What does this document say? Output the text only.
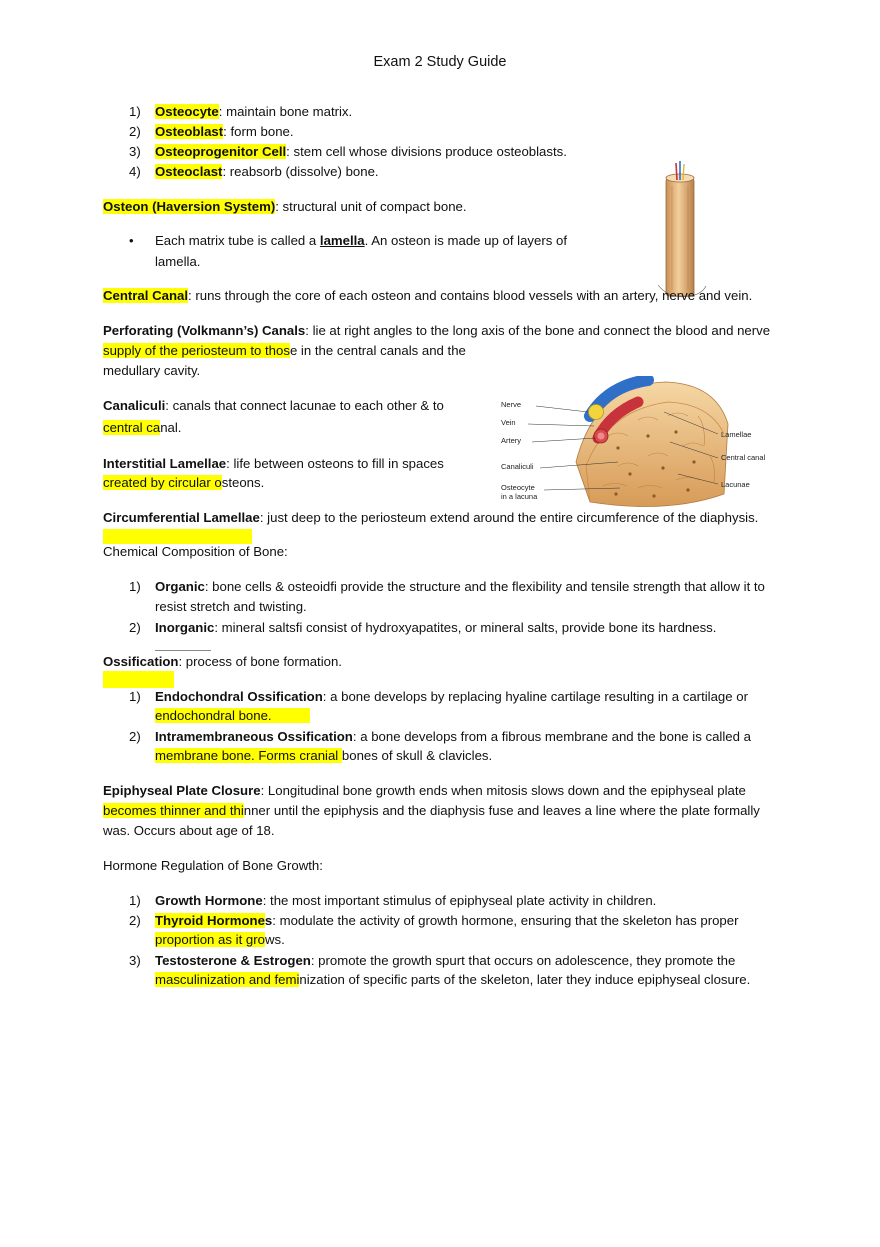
Exam 2 Study Guide
1) Osteocyte: maintain bone matrix.
2) Osteoblast: form bone.
3) Osteoprogenitor Cell: stem cell whose divisions produce osteoblasts.
4) Osteoclast: reabsorb (dissolve) bone.
Osteon (Haversion System): structural unit of compact bone.
• Each matrix tube is called a lamella. An osteon is made up of layers of
lamella.
Central Canal: runs through the core of each osteon and contains blood vessels with an artery, nerve and vein.
Perforating (Volkmann’s) Canals: lie at right angles to the long axis of the bone and connect the blood and nerve
supply of the periosteum to those in the central canals and the
medullary cavity.
Canaliculi: canals that connect lacunae to each other & to
central canal.
Interstitial Lamellae: life between osteons to fill in spaces
created by circular osteons.
Nerve
Vein
Artery
Canaliculi
Osteocyte
in a lacuna
Lamellae
Central canal
Lacunae
Circumferential Lamellae: just deep to the periosteum extend around the entire circumference of the diaphysis.
Chemical Composition of Bone:
1) Organic: bone cells & osteoidﬁ provide the structure and the flexibility and tensile strength that allow it to
resist stretch and twisting.
2) Inorganic: mineral saltsﬁ consist of hydroxyapatites, or mineral salts, provide bone its hardness.
Ossification: process of bone formation.
1) Endochondral Ossification: a bone develops by replacing hyaline cartilage resulting in a cartilage or
endochondral bone.
2) Intramembraneous Ossification: a bone develops from a fibrous membrane and the bone is called a
membrane bone. Forms cranial bones of skull & clavicles.
Epiphyseal Plate Closure: Longitudinal bone growth ends when mitosis slows down and the epiphyseal plate
becomes thinner and thinner until the epiphysis and the diaphysis fuse and leaves a line where the plate formally
was. Occurs about age of 18.
Hormone Regulation of Bone Growth:
1) Growth Hormone: the most important stimulus of epiphyseal plate activity in children.
2) Thyroid Hormones: modulate the activity of growth hormone, ensuring that the skeleton has proper
proportion as it grows.
3) Testosterone & Estrogen: promote the growth spurt that occurs on adolescence, they promote the
masculinization and feminization of specific parts of the skeleton, later they induce epiphyseal closure.
